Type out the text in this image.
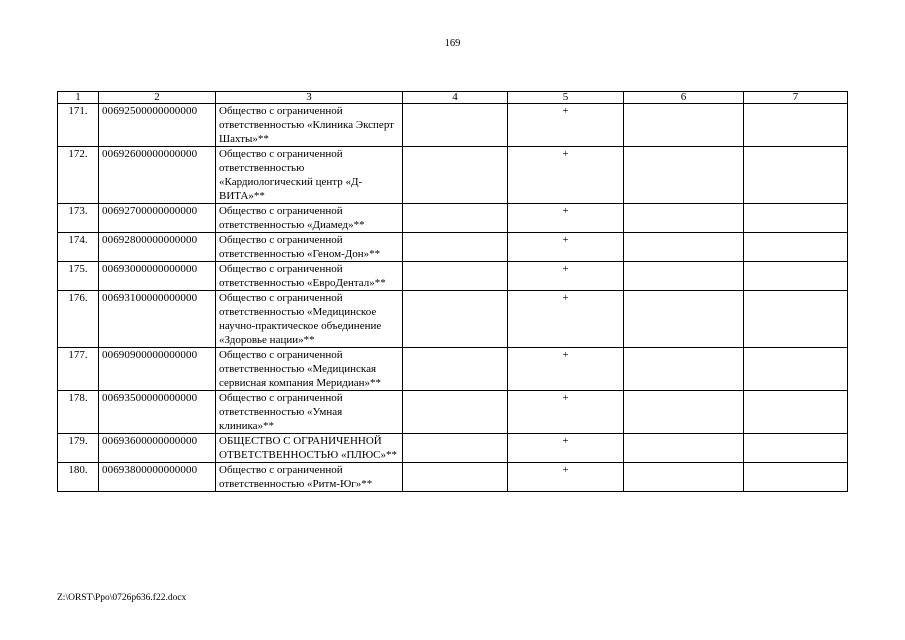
169
1	2	3	4	5	6	7
171.	00692500000000000	Общество с ограниченной ответственностью «Клиника Эксперт Шахты»**		+		
172.	00692600000000000	Общество с ограниченной ответственностью «Кардиологический центр «Д-ВИТА»**		+		
173.	00692700000000000	Общество с ограниченной ответственностью «Диамед»**		+		
174.	00692800000000000	Общество с ограниченной ответственностью «Геном-Дон»**		+		
175.	00693000000000000	Общество с ограниченной ответственностью «ЕвроДентал»**		+		
176.	00693100000000000	Общество с ограниченной ответственностью «Медицинское научно-практическое объединение «Здоровье нации»**		+		
177.	00690900000000000	Общество с ограниченной ответственностью «Медицинская сервисная компания Меридиан»**		+		
178.	00693500000000000	Общество с ограниченной ответственностью «Умная клиника»**		+		
179.	00693600000000000	ОБЩЕСТВО С ОГРАНИЧЕННОЙ ОТВЕТСТВЕННОСТЬЮ «ПЛЮС»**		+		
180.	00693800000000000	Общество с ограниченной ответственностью «Ритм-Юг»**		+		
Z:\ORST\Ppo\0726p636.f22.docx
